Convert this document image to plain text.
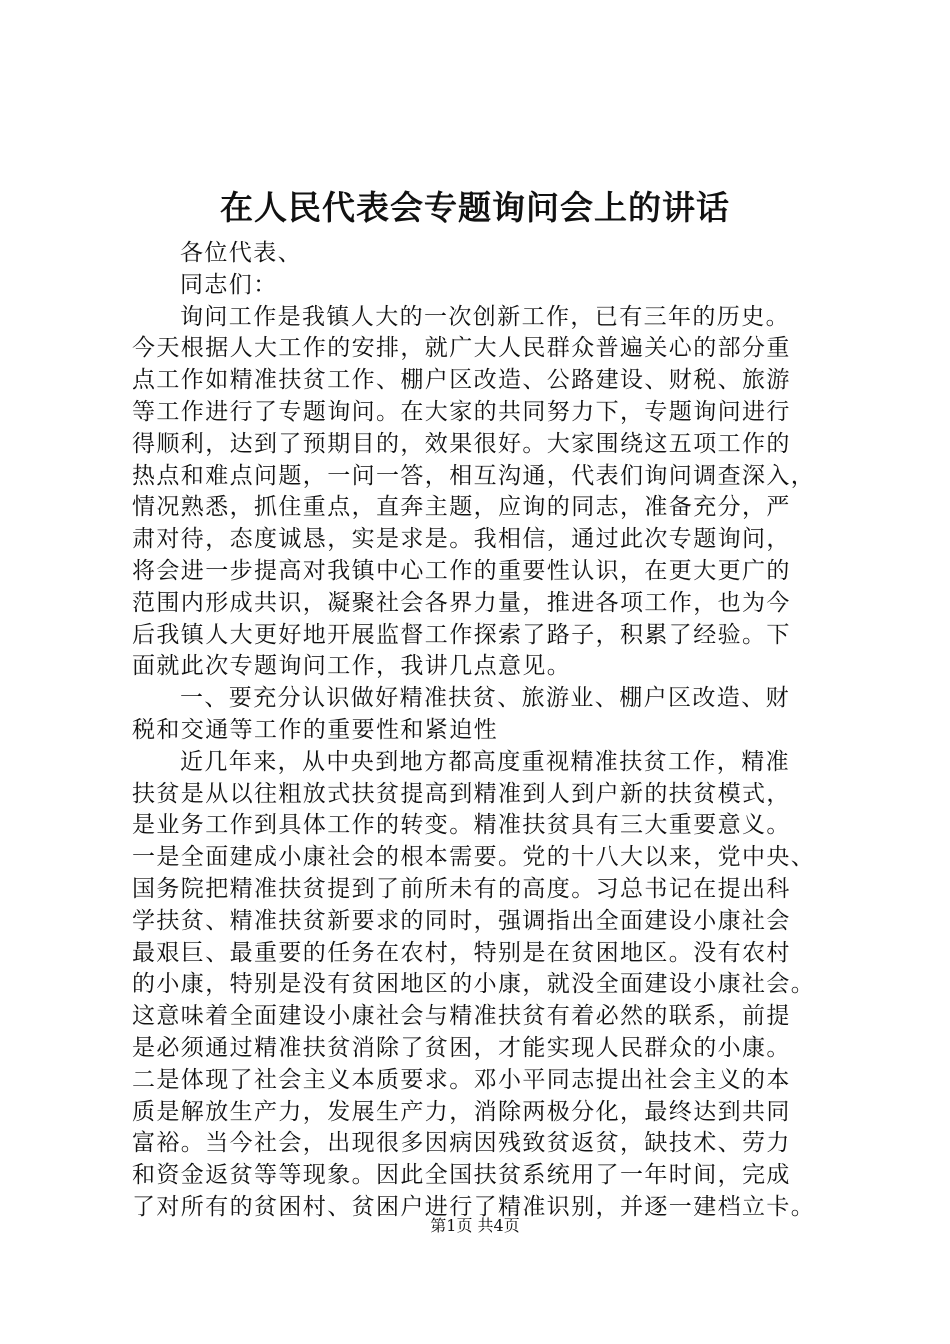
在人民代表会专题询问会上的讲话
各位代表、
同志们：
询问工作是我镇人大的一次创新工作，已有三年的历史。
今天根据人大工作的安排，就广大人民群众普遍关心的部分重
点工作如精准扶贫工作、棚户区改造、公路建设、财税、旅游
等工作进行了专题询问。在大家的共同努力下，专题询问进行
得顺利，达到了预期目的，效果很好。大家围绕这五项工作的
热点和难点问题，一问一答，相互沟通，代表们询问调查深入，
情况熟悉，抓住重点，直奔主题，应询的同志，准备充分，严
肃对待，态度诚恳，实是求是。我相信，通过此次专题询问，
将会进一步提高对我镇中心工作的重要性认识，在更大更广的
范围内形成共识，凝聚社会各界力量，推进各项工作，也为今
后我镇人大更好地开展监督工作探索了路子，积累了经验。下
面就此次专题询问工作，我讲几点意见。
一、要充分认识做好精准扶贫、旅游业、棚户区改造、财
税和交通等工作的重要性和紧迫性
近几年来，从中央到地方都高度重视精准扶贫工作，精准
扶贫是从以往粗放式扶贫提高到精准到人到户新的扶贫模式，
是业务工作到具体工作的转变。精准扶贫具有三大重要意义。
一是全面建成小康社会的根本需要。党的十八大以来，党中央、
国务院把精准扶贫提到了前所未有的高度。习总书记在提出科
学扶贫、精准扶贫新要求的同时，强调指出全面建设小康社会
最艰巨、最重要的任务在农村，特别是在贫困地区。没有农村
的小康，特别是没有贫困地区的小康，就没全面建设小康社会。
这意味着全面建设小康社会与精准扶贫有着必然的联系，前提
是必须通过精准扶贫消除了贫困，才能实现人民群众的小康。
二是体现了社会主义本质要求。邓小平同志提出社会主义的本
质是解放生产力，发展生产力，消除两极分化，最终达到共同
富裕。当今社会，出现很多因病因残致贫返贫，缺技术、劳力
和资金返贫等等现象。因此全国扶贫系统用了一年时间，完成
了对所有的贫困村、贫困户进行了精准识别，并逐一建档立卡。
第1页 共4页
